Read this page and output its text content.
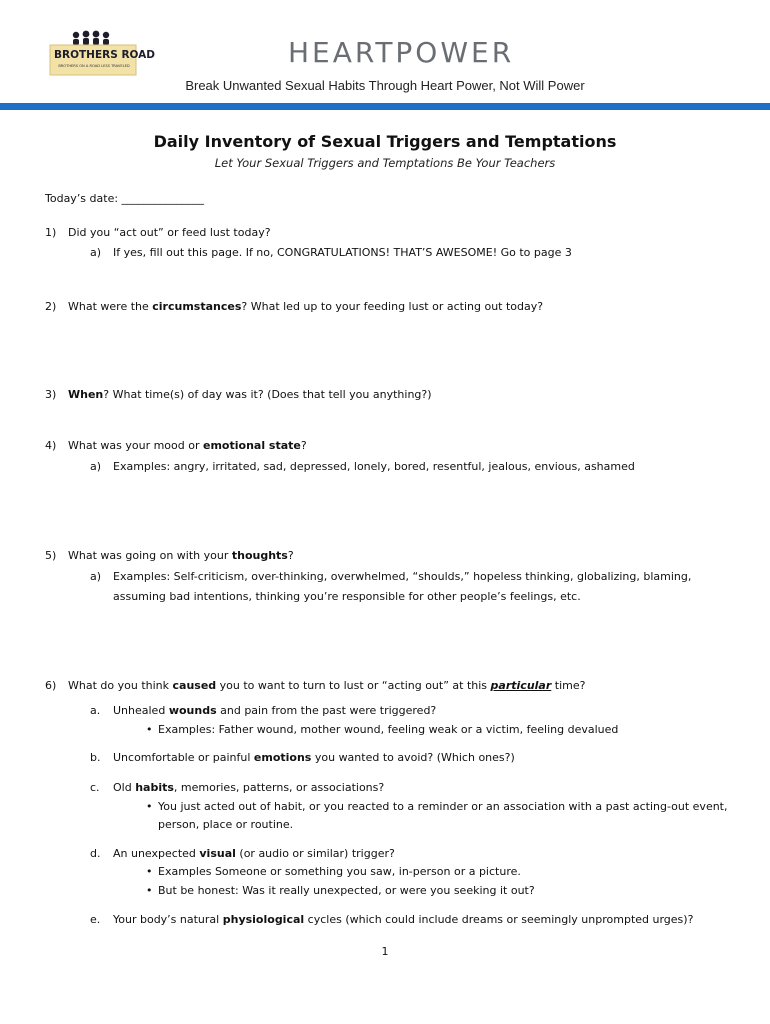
BROTHERS ROAD
BROTHERS ON A ROAD LESS TRAVELED	HEARTPOWER
Break Unwanted Sexual Habits Through Heart Power, Not Will Power
Daily Inventory of Sexual Triggers and Temptations
Let Your Sexual Triggers and Temptations Be Your Teachers
Today’s date: _______________
1) Did you “act out” or feed lust today?
a) If yes, fill out this page. If no, CONGRATULATIONS! THAT’S AWESOME! Go to page 3
2) What were the circumstances? What led up to your feeding lust or acting out today?
3) When? What time(s) of day was it? (Does that tell you anything?)
4) What was your mood or emotional state?
a) Examples: angry, irritated, sad, depressed, lonely, bored, resentful, jealous, envious, ashamed
5) What was going on with your thoughts?
a) Examples: Self-criticism, over-thinking, overwhelmed, “shoulds,” hopeless thinking, globalizing, blaming,
assuming bad intentions, thinking you’re responsible for other people’s feelings, etc.
6) What do you think caused you to want to turn to lust or “acting out” at this particular time?
a. Unhealed wounds and pain from the past were triggered?
• Examples: Father wound, mother wound, feeling weak or a victim, feeling devalued
b. Uncomfortable or painful emotions you wanted to avoid? (Which ones?)
c. Old habits, memories, patterns, or associations?
• You just acted out of habit, or you reacted to a reminder or an association with a past acting-out event,
person, place or routine.
d. An unexpected visual (or audio or similar) trigger?
• Examples Someone or something you saw, in-person or a picture.
• But be honest: Was it really unexpected, or were you seeking it out?
e. Your body’s natural physiological cycles (which could include dreams or seemingly unprompted urges)?
1
